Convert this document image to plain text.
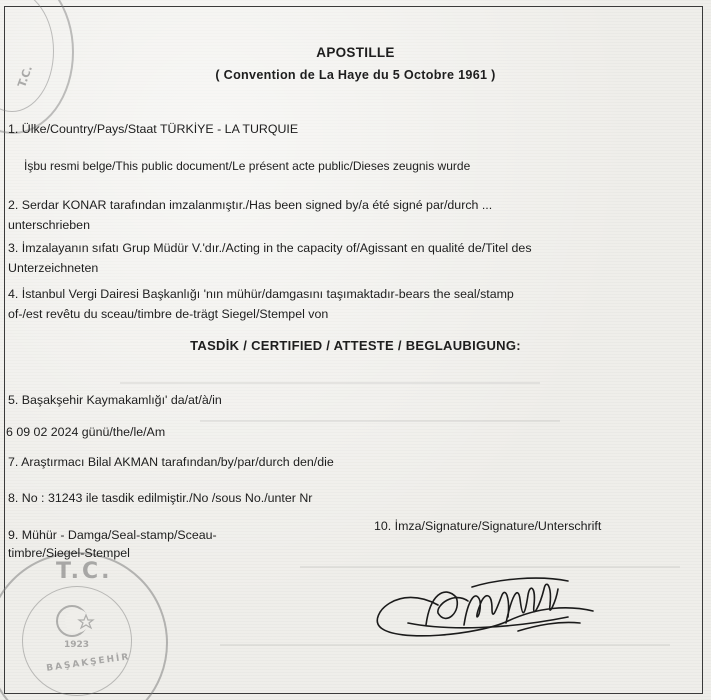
T.C.
T.C.
BAŞAKŞEHİR
1923
APOSTILLE
( Convention de La Haye du 5 Octobre 1961 )
1. Ülke/Country/Pays/Staat TÜRKİYE - LA TURQUIE
İşbu resmi belge/This public document/Le présent acte public/Dieses zeugnis wurde
2. Serdar KONAR tarafından imzalanmıştır./Has been signed by/a été signé par/durch ...
unterschrieben
3. İmzalayanın sıfatı Grup Müdür V.'dır./Acting in the capacity of/Agissant en qualité de/Titel des
Unterzeichneten
4. İstanbul Vergi Dairesi Başkanlığı 'nın mühür/damgasını taşımaktadır-bears the seal/stamp
of-/est revêtu du sceau/timbre de-trägt Siegel/Stempel von
TASDİK / CERTIFIED / ATTESTE / BEGLAUBIGUNG:
5. Başakşehir Kaymakamlığı' da/at/à/in
6 09 02 2024 günü/the/le/Am
7. Araştırmacı Bilal AKMAN tarafından/by/par/durch den/die
8. No : 31243 ile tasdik edilmiştir./No /sous No./unter Nr
9. Mühür - Damga/Seal-stamp/Sceau-
timbre/Siegel-Stempel
10. İmza/Signature/Signature/Unterschrift
